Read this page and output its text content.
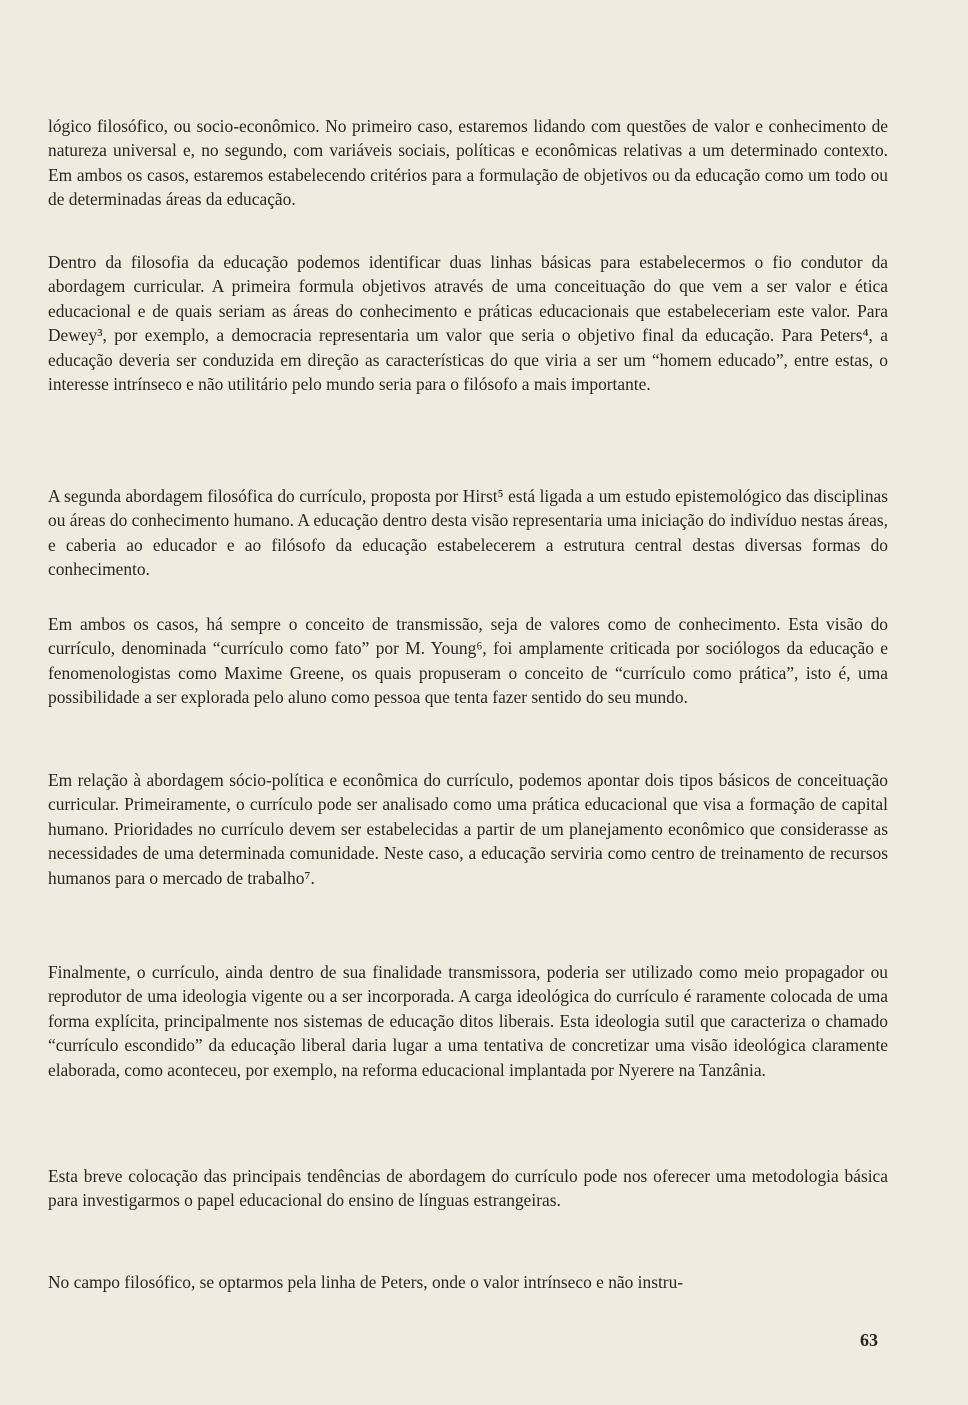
lógico filosófico, ou socio-econômico. No primeiro caso, estaremos lidando com questões de valor e conhecimento de natureza universal e, no segundo, com variáveis sociais, políticas e econômicas relativas a um determinado contexto. Em ambos os casos, estaremos estabelecendo critérios para a formulação de objetivos ou da educação como um todo ou de determinadas áreas da educação.

Dentro da filosofia da educação podemos identificar duas linhas básicas para estabelecermos o fio condutor da abordagem curricular. A primeira formula objetivos através de uma conceituação do que vem a ser valor e ética educacional e de quais seriam as áreas do conhecimento e práticas educacionais que estabeleceriam este valor. Para Dewey³, por exemplo, a democracia representaria um valor que seria o objetivo final da educação. Para Peters⁴, a educação deveria ser conduzida em direção as características do que viria a ser um “homem educado”, entre estas, o interesse intrínseco e não utilitário pelo mundo seria para o filósofo a mais importante.

A segunda abordagem filosófica do currículo, proposta por Hirst⁵ está ligada a um estudo epistemológico das disciplinas ou áreas do conhecimento humano. A educação dentro desta visão representaria uma iniciação do indivíduo nestas áreas, e caberia ao educador e ao filósofo da educação estabelecerem a estrutura central destas diversas formas do conhecimento.

Em ambos os casos, há sempre o conceito de transmissão, seja de valores como de conhecimento. Esta visão do currículo, denominada “currículo como fato” por M. Young⁶, foi amplamente criticada por sociólogos da educação e fenomenologistas como Maxime Greene, os quais propuseram o conceito de “currículo como prática”, isto é, uma possibilidade a ser explorada pelo aluno como pessoa que tenta fazer sentido do seu mundo.

Em relação à abordagem sócio-política e econômica do currículo, podemos apontar dois tipos básicos de conceituação curricular. Primeiramente, o currículo pode ser analisado como uma prática educacional que visa a formação de capital humano. Prioridades no currículo devem ser estabelecidas a partir de um planejamento econômico que considerasse as necessidades de uma determinada comunidade. Neste caso, a educação serviria como centro de treinamento de recursos humanos para o mercado de trabalho⁷.

Finalmente, o currículo, ainda dentro de sua finalidade transmissora, poderia ser utilizado como meio propagador ou reprodutor de uma ideologia vigente ou a ser incorporada. A carga ideológica do currículo é raramente colocada de uma forma explícita, principalmente nos sistemas de educação ditos liberais. Esta ideologia sutil que caracteriza o chamado “currículo escondido” da educação liberal daria lugar a uma tentativa de concretizar uma visão ideológica claramente elaborada, como aconteceu, por exemplo, na reforma educacional implantada por Nyerere na Tanzânia.

Esta breve colocação das principais tendências de abordagem do currículo pode nos oferecer uma metodologia básica para investigarmos o papel educacional do ensino de línguas estrangeiras.

No campo filosófico, se optarmos pela linha de Peters, onde o valor intrínseco e não instru-

63
